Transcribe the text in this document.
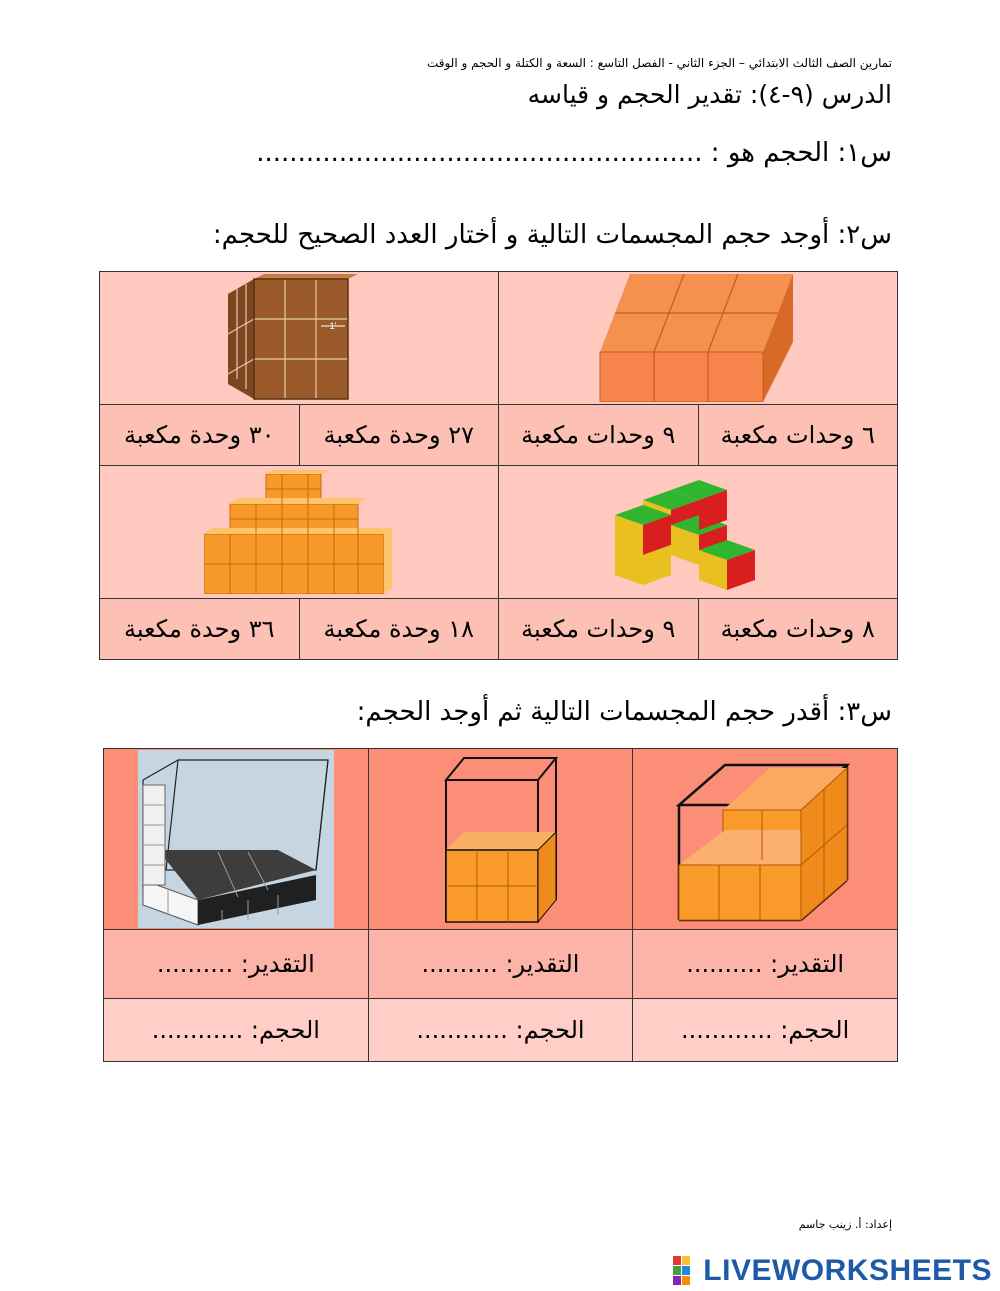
تمارين الصف الثالث الابتدائي – الجزء الثاني - الفصل التاسع : السعة و الكتلة و الحجم و الوقت
الدرس (٩-٤): تقدير الحجم و قياسه
س١: الحجم هو : ......................................................
س٢: أوجد حجم المجسمات التالية و أختار العدد الصحيح للحجم:
1'

٣٠ وحدة مكعبة	٢٧ وحدة مكعبة	٩ وحدات مكعبة	٦ وحدات مكعبة

٣٦ وحدة مكعبة	١٨ وحدة مكعبة	٩ وحدات مكعبة	٨ وحدات مكعبة
س٣: أقدر حجم المجسمات التالية ثم أوجد الحجم:

التقدير: ..........	التقدير: ..........	التقدير: ..........
الحجم: ............	الحجم: ............	الحجم: ............
إعداد: أ. زينب جاسم
LIVEWORKSHEETS
